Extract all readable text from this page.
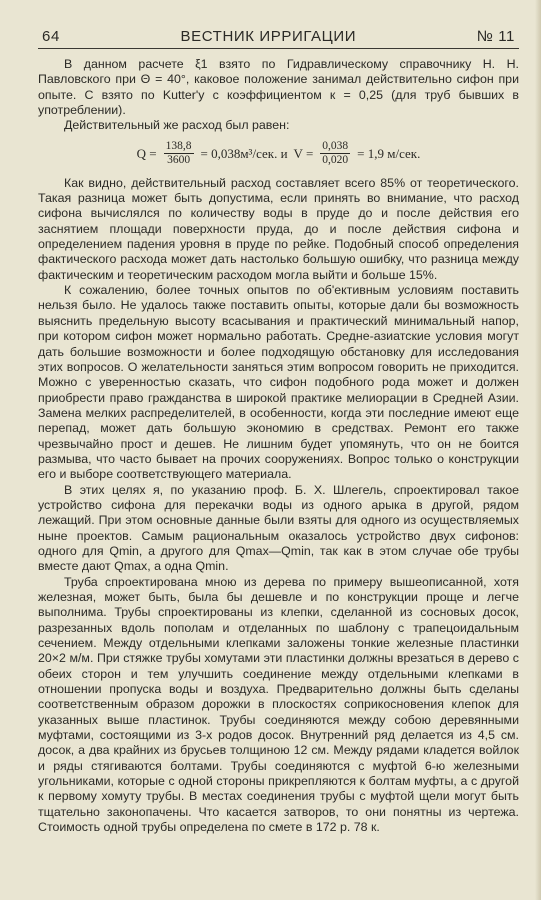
64	ВЕСТНИК ИРРИГАЦИИ	№ 11

В данном расчете ξ1 взято по Гидравлическому справочнику Н. Н. Павловского при Θ = 40°, каковое положение занимал действительно сифон при опыте. С взято по Kutter'у с коэффициентом к = 0,25 (для труб бывших в употреблении).

Действительный же расход был равен:

$Q = \frac{138,8}{3600} = 0,038м^3/сек$. и $V = \frac{0,038}{0,020} = 1,9$ м/сек.

Как видно, действительный расход составляет всего 85% от теоретического. Такая разница может быть допустима, если принять во внимание, что расход сифона вычислялся по количеству воды в пруде до и после действия его заснятием площади поверхности пруда, до и после действия сифона и определением падения уровня в пруде по рейке. Подобный способ определения фактического расхода может дать настолько большую ошибку, что разница между фактическим и теоретическим расходом могла выйти и больше 15%.

К сожалению, более точных опытов по об'ективным условиям поставить нельзя было. Не удалось также поставить опыты, которые дали бы возможность выяснить предельную высоту всасывания и практический минимальный напор, при котором сифон может нормально работать. Средне-азиатские условия могут дать большие возможности и более подходящую обстановку для исследования этих вопросов. О желательности заняться этим вопросом говорить не приходится. Можно с уверенностью сказать, что сифон подобного рода может и должен приобрести право гражданства в широкой практике мелиорации в Средней Азии. Замена мелких распределителей, в особенности, когда эти последние имеют еще перепад, может дать большую экономию в средствах. Ремонт его также чрезвычайно прост и дешев. Не лишним будет упомянуть, что он не боится размыва, что часто бывает на прочих сооружениях. Вопрос только о конструкции его и выборе соответствующего материала.

В этих целях я, по указанию проф. Б. Х. Шлегель, спроектировал такое устройство сифона для перекачки воды из одного арыка в другой, рядом лежащий. При этом основные данные были взяты для одного из осуществляемых ныне проектов. Самым рациональным оказалось устройство двух сифонов: одного для Qmin, а другого для Qmax—Qmin, так как в этом случае обе трубы вместе дают Qmax, а одна Qmin.

Труба спроектирована мною из дерева по примеру вышеописанной, хотя железная, может быть, была бы дешевле и по конструкции проще и легче выполнима. Трубы спроектированы из клепки, сделанной из сосновых досок, разрезанных вдоль пополам и отделанных по шаблону с трапецоидальным сечением. Между отдельными клепками заложены тонкие железные пластинки 20×2 м/м. При стяжке трубы хомутами эти пластинки должны врезаться в дерево с обеих сторон и тем улучшить соединение между отдельными клепками в отношении пропуска воды и воздуха. Предварительно должны быть сделаны соответственным образом дорожки в плоскостях соприкосновения клепок для указанных выше пластинок. Трубы соединяются между собою деревянными муфтами, состоящими из 3-х родов досок. Внутренний ряд делается из 4,5 см. досок, а два крайних из брусьев толщиною 12 см. Между рядами кладется войлок и ряды стягиваются болтами. Трубы соединяются с муфтой 6-ю железными угольниками, которые с одной стороны прикрепляются к болтам муфты, а с другой к первому хомуту трубы. В местах соединения трубы с муфтой щели могут быть тщательно законопачены. Что касается затворов, то они понятны из чертежа. Стоимость одной трубы определена по смете в 172 р. 78 к.
